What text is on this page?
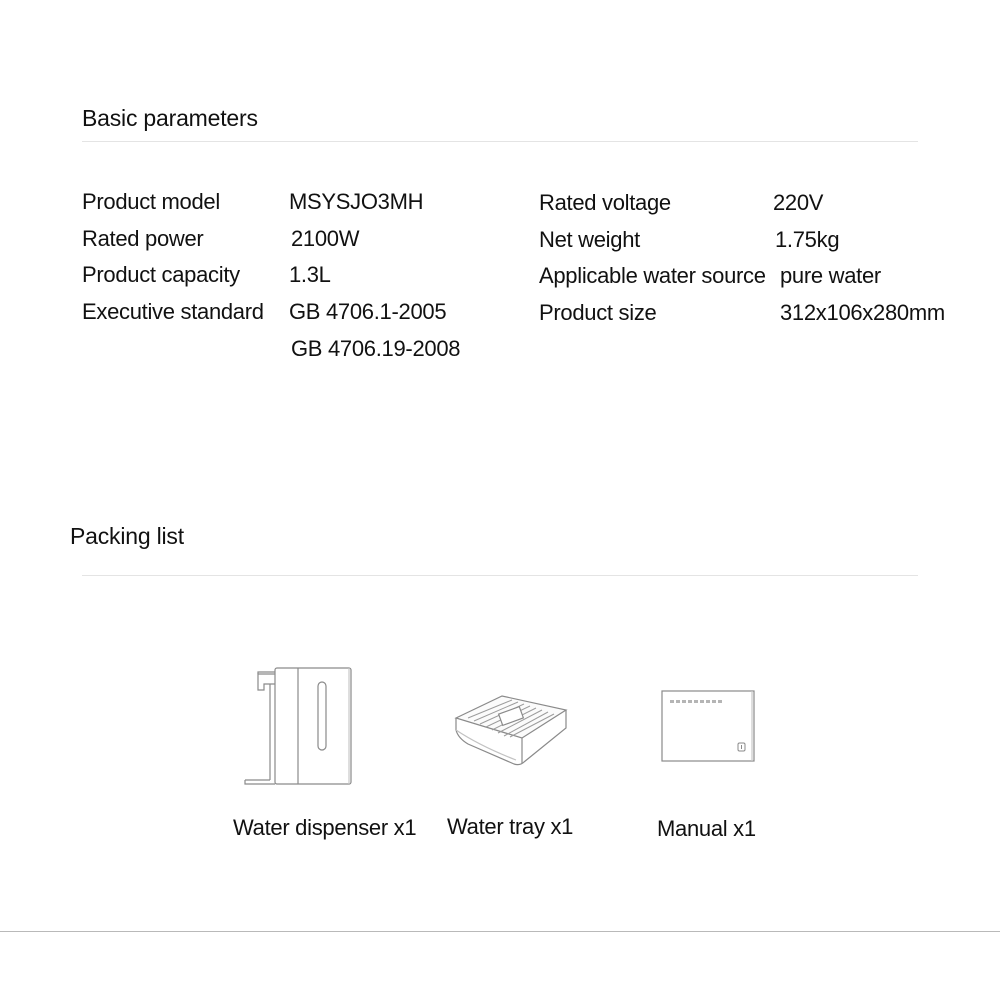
Basic parameters
Product model	MSYSJO3MH
Rated power	2100W
Product capacity 1.3L
Executive standard GB 4706.1-2005
GB 4706.19-2008
Rated voltage	220V
Net weight	1.75kg
Applicable water source pure water
Product size	312x106x280mm
Packing list
Water dispenser x1 Water tray x1	Manual x1
